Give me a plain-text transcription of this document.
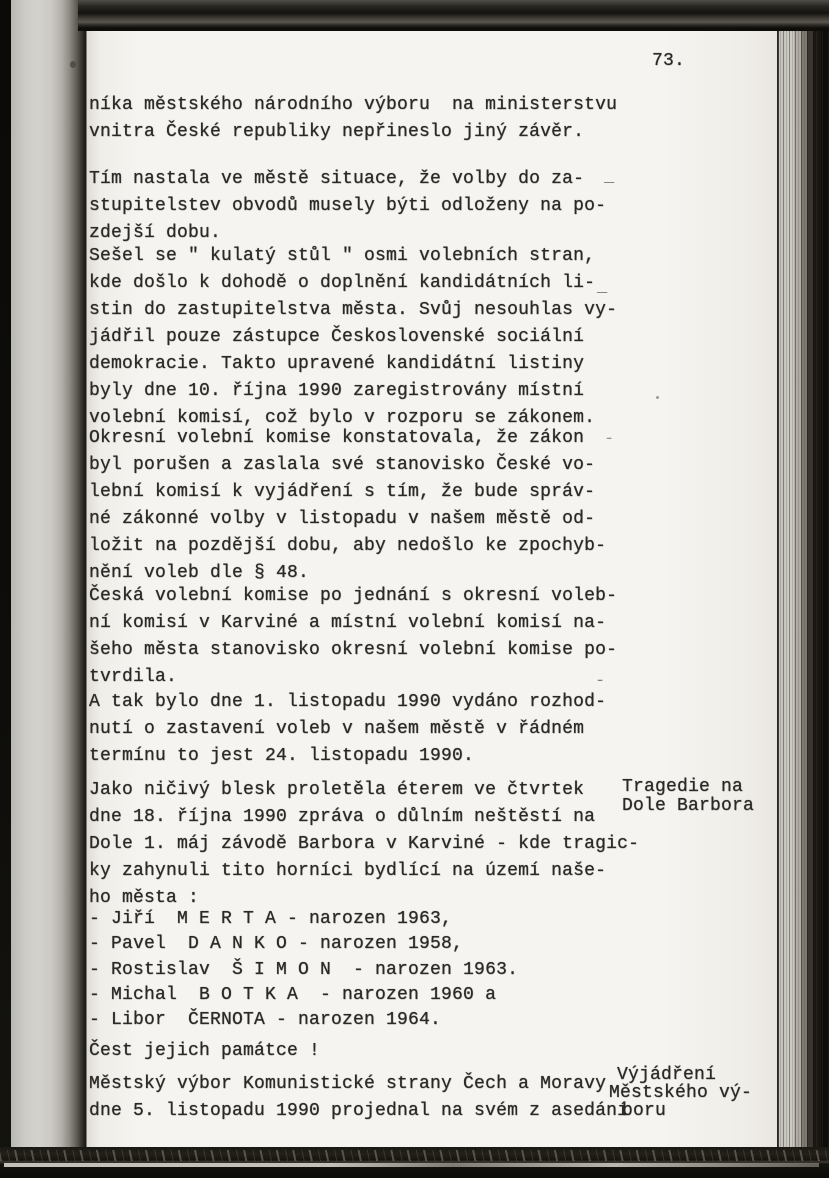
73.
níka městského národního výboru  na ministerstvu
vnitra České republiky nepřineslo jiný závěr.
Tím nastala ve městě situace, že volby do za-
stupitelstev obvodů musely býti odloženy na po-
zdejší dobu.
Sešel se " kulatý stůl " osmi volebních stran,
kde došlo k dohodě o doplnění kandidátních li-
stin do zastupitelstva města. Svůj nesouhlas vy-
jádřil pouze zástupce Československé sociální
demokracie. Takto upravené kandidátní listiny
byly dne 10. října 1990 zaregistrovány místní
volební komisí, což bylo v rozporu se zákonem.
Okresní volební komise konstatovala, že zákon
byl porušen a zaslala své stanovisko České vo-
lební komisí k vyjádření s tím, že bude správ-
né zákonné volby v listopadu v našem městě od-
ložit na pozdější dobu, aby nedošlo ke zpochyb-
nění voleb dle § 48.
Česká volební komise po jednání s okresní voleb-
ní komisí v Karviné a místní volební komisí na-
šeho města stanovisko okresní volební komise po-
tvrdila.
A tak bylo dne 1. listopadu 1990 vydáno rozhod-
nutí o zastavení voleb v našem městě v řádném
termínu to jest 24. listopadu 1990.
Jako ničivý blesk proletěla éterem ve čtvrtek
dne 18. října 1990 zpráva o důlním neštěstí na
Dole 1. máj závodě Barbora v Karviné - kde tragic-
ky zahynuli tito horníci bydlící na území naše-
ho města :
- Jiří  M E R T A - narozen 1963,
- Pavel  D A N K O - narozen 1958,
- Rostislav  Š I M O N  - narozen 1963.
- Michal  B O T K A  - narozen 1960 a
- Libor  ČERNOTA - narozen 1964.
Čest jejich památce !
Městský výbor Komunistické strany Čech a Moravy
dne 5. listopadu 1990 projednal na svém z asedání
Tragedie na
Dole Barbora
Výjádření
Městského vý-
boru
_
_
-
-
